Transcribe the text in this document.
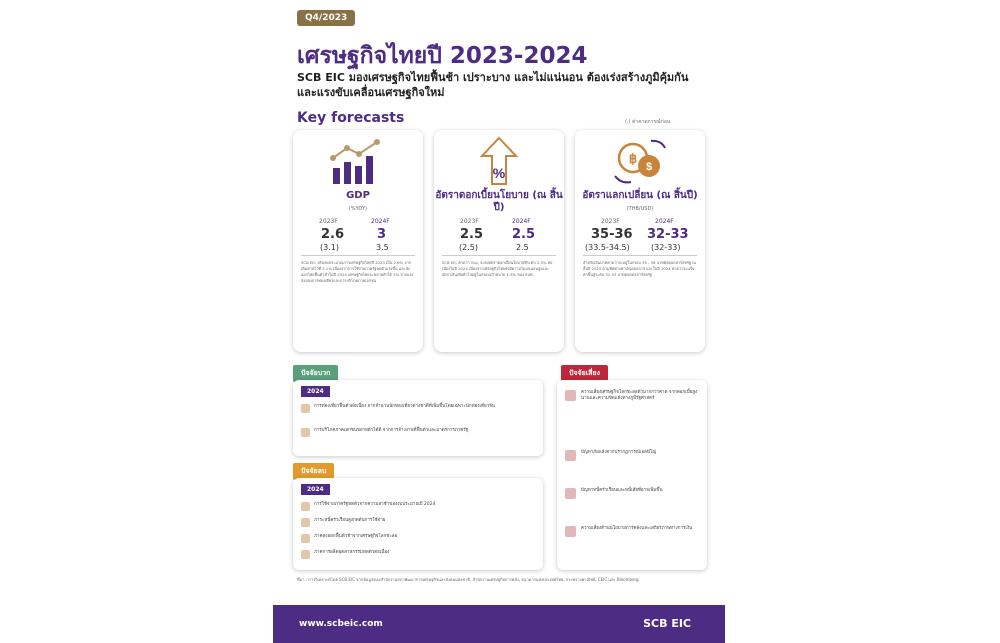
Q4/2023
เศรษฐกิจไทยปี 2023-2024
SCB EIC มองเศรษฐกิจไทยฟื้นช้า เปราะบาง และไม่แน่นอน ต้องเร่งสร้างภูมิคุ้มกันและแรงขับเคลื่อนเศรษฐกิจใหม่
Key forecasts	(.) ค่าคาดการณ์ก่อน
GDP
(%YOY)
2023F	2024F
2.6	3
(3.1)	3.5
SCB EIC ปรับลดประมาณการเศรษฐกิจไทยปี 2023 เป็น 2.6% จากเดิมคาดไว้ที่ 3.1% เนื่องจากการใช้จ่ายภาครัฐหดตัวแรงขึ้น และส่งออกไทยฟื้นตัวช้าในปี 2024 เศรษฐกิจไทยจะขยายตัวได้ 3% จากแรงส่งของการท่องเที่ยวและการบริโภคภาคเอกชน
%
อัตราดอกเบี้ยนโยบาย (ณ สิ้นปี)
2023F	2024F
2.5 2.5
(2.5)	2.5
SCB EIC คาดว่า กนง. จะคงอัตราดอกเบี้ยนโยบายที่ระดับ 2.5% ต่อเนื่องในปี 2024 เนื่องจากเศรษฐกิจไทยยังมีความไม่แน่นอนสูงและอัตราเงินเฟ้อทั่วไปอยู่ในกรอบเป้าหมาย 1-3% ของ ธปท.
฿
$
อัตราแลกเปลี่ยน (ณ สิ้นปี)
(THB/USD)
2023F	2024F
35-36 32-33
(33.5-34.5)	(32-33)
สำหรับเงินบาทคาดว่าจะอยู่ในกรอบ 35 - 36 บาทต่อดอลลาร์สหรัฐ ณ สิ้นปี 2023 ตามทิศทางค่าเงินดอลลาร์ และในปี 2024 คาดว่าจะแข็งค่าขึ้นสู่ระดับ 32-33 บาทต่อดอลลาร์สหรัฐ
ปัจจัยบวก
2024
การท่องเที่ยวฟื้นตัวต่อเนื่อง จากจำนวนนักท่องเที่ยวต่างชาติที่เพิ่มขึ้นโดยเฉพาะนักท่องเที่ยวจีน
การบริโภคภาคเอกชนขยายตัวได้ดี จากการจ้างงานที่ฟื้นตัวและมาตรการภาครัฐ
ปัจจัยลบ
2024
การใช้จ่ายภาครัฐหดตัวจากความล่าช้าของงบประมาณปี 2024
ภาระหนี้ครัวเรือนสูงกดดันการใช้จ่าย
ภาคส่งออกฟื้นตัวช้าจากเศรษฐกิจโลกชะลอ
ภาคการผลิตอุตสาหกรรมหดตัวต่อเนื่อง
ปัจจัยเสี่ยง
ความเสี่ยงเศรษฐกิจโลกชะลอตัวมากกว่าคาด จากดอกเบี้ยสูงนานและความขัดแย้งทางภูมิรัฐศาสตร์
ปัญหาภัยแล้งจากปรากฏการณ์เอลนีโญ
ปัญหาหนี้ครัวเรือนและหนี้เสียที่อาจเพิ่มขึ้น
ความเสี่ยงด้านนโยบายการคลังและเสถียรภาพทางการเงิน
ที่มา : การวิเคราะห์โดย SCB EIC จากข้อมูลของสำนักงานสภาพัฒนาการเศรษฐกิจและสังคมแห่งชาติ, สำนักงานเศรษฐกิจการคลัง, ธนาคารแห่งประเทศไทย, กระทรวงพาณิชย์, CEIC และ Bloomberg
www.scbeic.com	SCB EIC
